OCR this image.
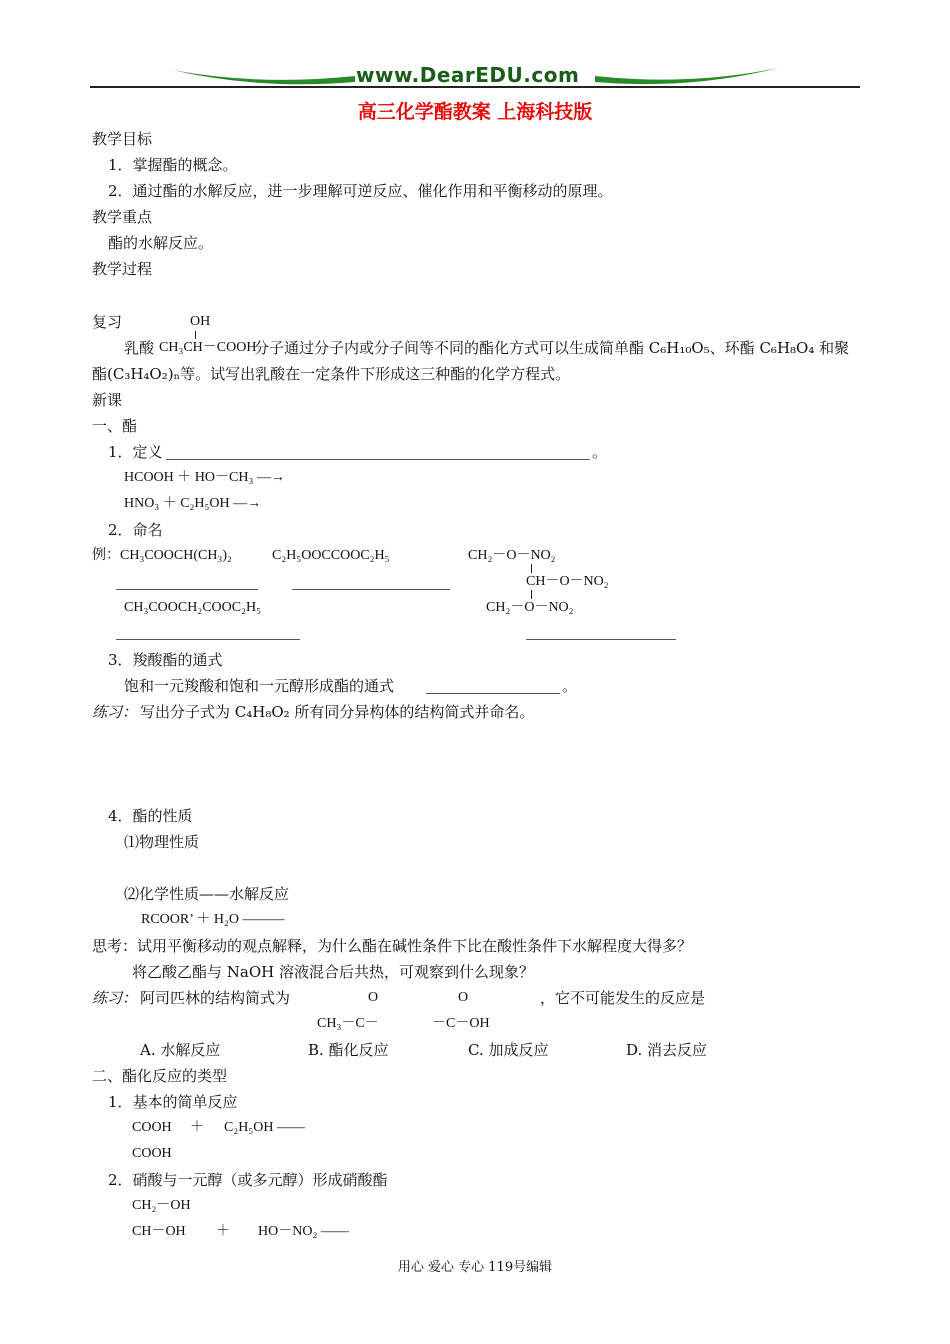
www.DearEDU.com
高三化学酯教案 上海科技版
教学目标
1．掌握酯的概念。
2．通过酯的水解反应，进一步理解可逆反应、催化作用和平衡移动的原理。
教学重点
酯的水解反应。
教学过程
复习	OH
乳酸 CH₃CH－COOH
分子通过分子内或分子间等不同的酯化方式可以生成简单酯 C₆H₁₀O₅、环酯 C₆H₈O₄ 和聚
酯(C₃H₄O₂)ₙ等。试写出乳酸在一定条件下形成这三种酯的化学方程式。
新课
一、酯
1．定义	。
HCOOH ＋ HO－CH₃ —→
HNO₃ ＋ C₂H₅OH —→
2．命名
例：CH₃COOCH(CH₃)₂	C₂H₅OOCCOOC₂H₅	CH₂－O－NO₂
CH－O－NO₂
CH₃COOCH₂COOC₂H₅	CH₂－O－NO₂
3．羧酸酯的通式
饱和一元羧酸和饱和一元醇形成酯的通式	。
练习： 写出分子式为 C₄H₈O₂ 所有同分异构体的结构简式并命名。
4．酯的性质
⑴物理性质
⑵化学性质——水解反应
RCOOR’ ＋ H₂O ———
思考：试用平衡移动的观点解释，为什么酯在碱性条件下比在酸性条件下水解程度大得多？
将乙酸乙酯与 NaOH 溶液混合后共热，可观察到什么现象？
练习： 阿司匹林的结构简式为	O	O	，它不可能发生的反应是
CH₃－C－	－C－OH
A. 水解反应	B. 酯化反应	C. 加成反应	D. 消去反应
二、酯化反应的类型
1．基本的简单反应
COOH ＋ C₂H₅OH ——
COOH
2．硝酸与一元醇（或多元醇）形成硝酸酯
CH₂－OH
CH－OH ＋ HO－NO₂ ——
用心 爱心 专心 119号编辑
